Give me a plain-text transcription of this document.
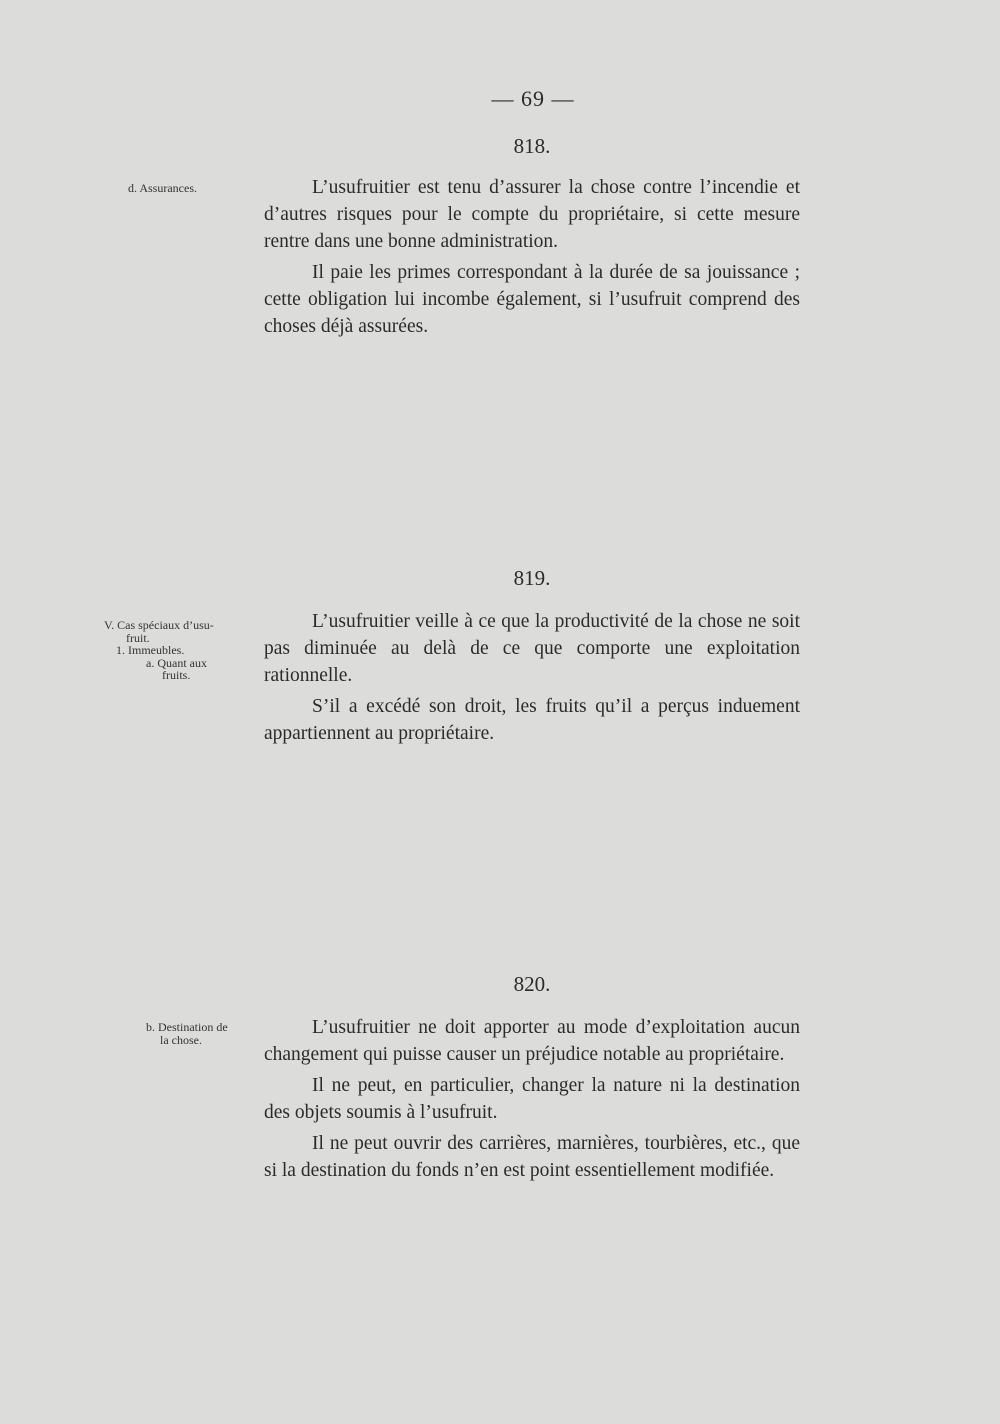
— 69 —
818.
d. Assurances.	L’usufruitier est tenu d’assurer la chose contre l’incendie et d’autres risques pour le compte du propriétaire, si cette mesure rentre dans une bonne administration.

Il paie les primes correspondant à la durée de sa jouissance ; cette obligation lui incombe également, si l’usufruit comprend des choses déjà assurées.

819.
V. Cas spéciaux d’usu-
fruit.
1. Immeubles.
a. Quant aux
fruits.

L’usufruitier veille à ce que la productivité de la chose ne soit pas diminuée au delà de ce que comporte une exploitation rationnelle.

S’il a excédé son droit, les fruits qu’il a perçus induement appartiennent au propriétaire.

820.
b. Destination de
la chose.

L’usufruitier ne doit apporter au mode d’exploitation aucun changement qui puisse causer un préjudice notable au propriétaire.

Il ne peut, en particulier, changer la nature ni la destination des objets soumis à l’usufruit.

Il ne peut ouvrir des carrières, marnières, tourbières, etc., que si la destination du fonds n’en est point essentiellement modifiée.
